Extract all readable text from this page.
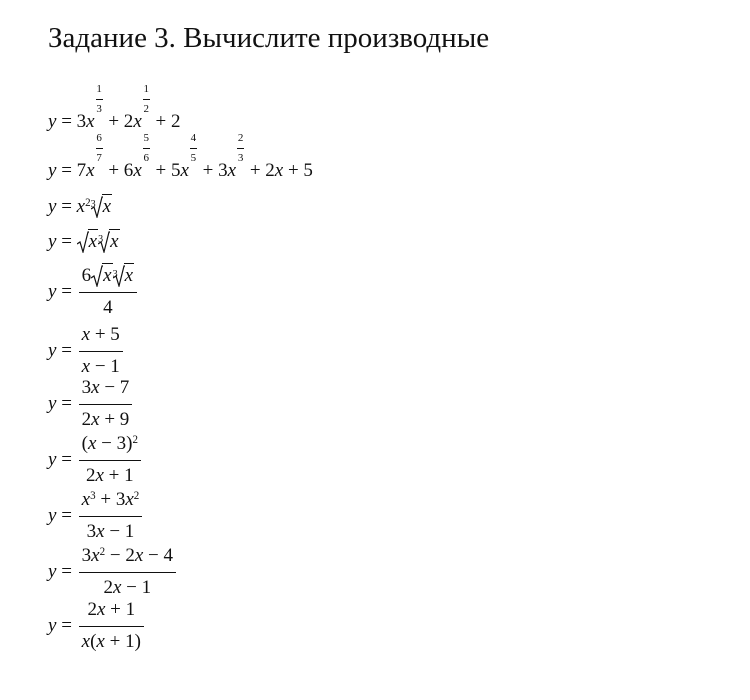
Задание 3. Вычислите производные
$y = 3x \frac{1}{3} + 2x \frac{1}{2} + 2$
$y = 7x \frac{6}{7} + 6x \frac{5}{6} + 5x \frac{4}{5} + 3x \frac{2}{3} + 2x + 5$
$y = x^2$ 3 x
y =
x 3 x
$y = \frac{6 x 3 x}{4}$
$y = \frac{x + 5}{x - 1}$
$y = \frac{3x - 7}{2x + 9}$
$y = \frac{(x - 3)^2}{2x + 1}$
$y = \frac{x^3 + 3x^2}{3x - 1}$
$y = \frac{3x^2 - 2x - 4}{2x - 1}$
$y = \frac{2x + 1}{x(x + 1)}$
